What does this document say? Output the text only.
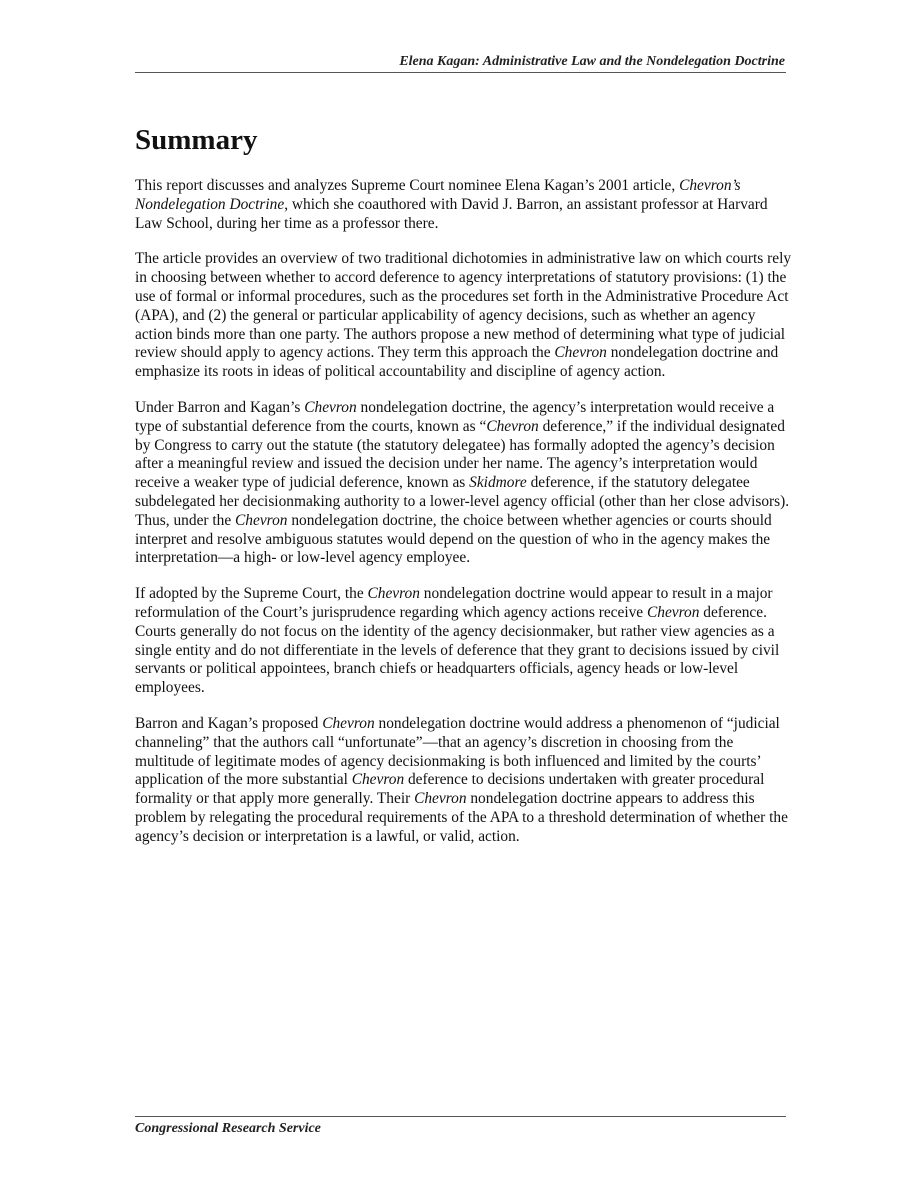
Elena Kagan: Administrative Law and the Nondelegation Doctrine
Summary

This report discusses and analyzes Supreme Court nominee Elena Kagan’s 2001 article, Chevron’s Nondelegation Doctrine, which she coauthored with David J. Barron, an assistant professor at Harvard Law School, during her time as a professor there.

The article provides an overview of two traditional dichotomies in administrative law on which courts rely in choosing between whether to accord deference to agency interpretations of statutory provisions: (1) the use of formal or informal procedures, such as the procedures set forth in the Administrative Procedure Act (APA), and (2) the general or particular applicability of agency decisions, such as whether an agency action binds more than one party. The authors propose a new method of determining what type of judicial review should apply to agency actions. They term this approach the Chevron nondelegation doctrine and emphasize its roots in ideas of political accountability and discipline of agency action.

Under Barron and Kagan’s Chevron nondelegation doctrine, the agency’s interpretation would receive a type of substantial deference from the courts, known as “Chevron deference,” if the individual designated by Congress to carry out the statute (the statutory delegatee) has formally adopted the agency’s decision after a meaningful review and issued the decision under her name. The agency’s interpretation would receive a weaker type of judicial deference, known as Skidmore deference, if the statutory delegatee subdelegated her decisionmaking authority to a lower-level agency official (other than her close advisors). Thus, under the Chevron nondelegation doctrine, the choice between whether agencies or courts should interpret and resolve ambiguous statutes would depend on the question of who in the agency makes the interpretation—a high- or low-level agency employee.

If adopted by the Supreme Court, the Chevron nondelegation doctrine would appear to result in a major reformulation of the Court’s jurisprudence regarding which agency actions receive Chevron deference. Courts generally do not focus on the identity of the agency decisionmaker, but rather view agencies as a single entity and do not differentiate in the levels of deference that they grant to decisions issued by civil servants or political appointees, branch chiefs or headquarters officials, agency heads or low-level employees.

Barron and Kagan’s proposed Chevron nondelegation doctrine would address a phenomenon of “judicial channeling” that the authors call “unfortunate”—that an agency’s discretion in choosing from the multitude of legitimate modes of agency decisionmaking is both influenced and limited by the courts’ application of the more substantial Chevron deference to decisions undertaken with greater procedural formality or that apply more generally. Their Chevron nondelegation doctrine appears to address this problem by relegating the procedural requirements of the APA to a threshold determination of whether the agency’s decision or interpretation is a lawful, or valid, action.

Congressional Research Service
